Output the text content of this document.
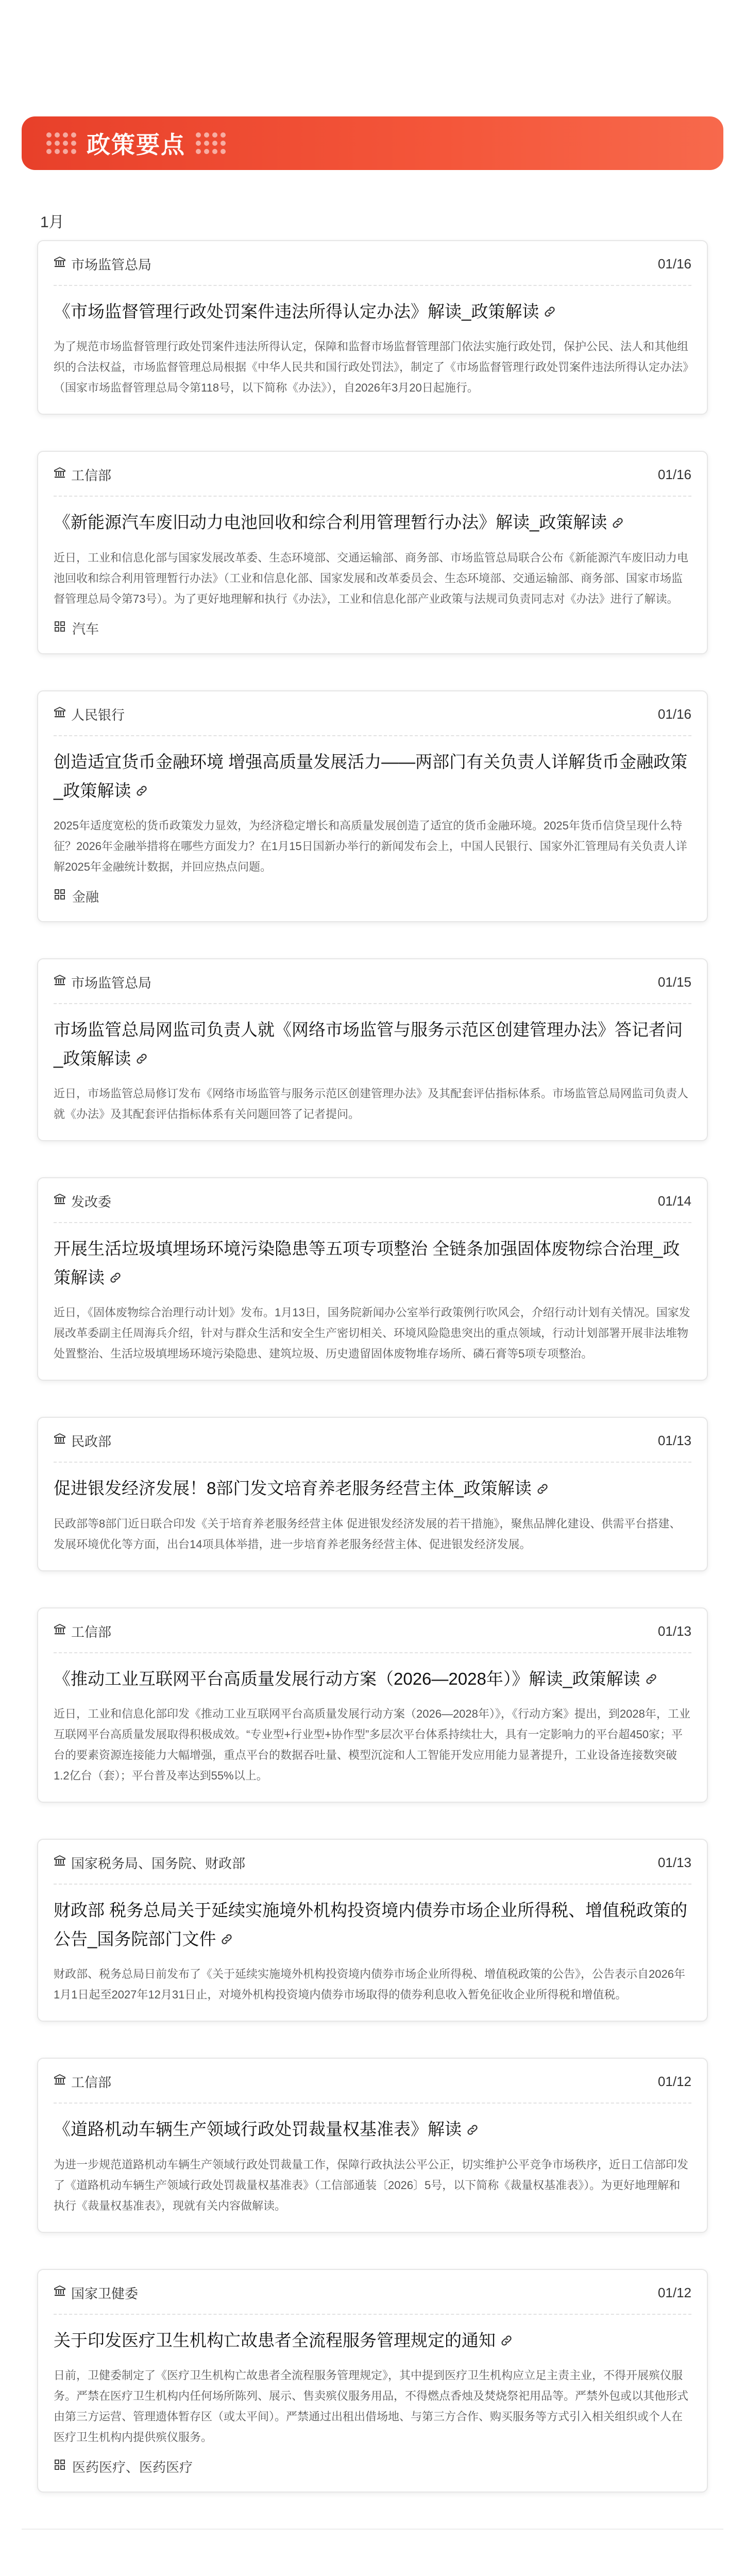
政策要点
1月
市场监管总局	01/16
《市场监督管理行政处罚案件违法所得认定办法》解读_政策解读
为了规范市场监督管理行政处罚案件违法所得认定，保障和监督市场监督管理部门依法实施行政处罚，保护公民、法人和其他组织的合法权益，市场监督管理总局根据《中华人民共和国行政处罚法》，制定了《市场监督管理行政处罚案件违法所得认定办法》（国家市场监督管理总局令第118号，以下简称《办法》），自2026年3月20日起施行。
工信部	01/16
《新能源汽车废旧动力电池回收和综合利用管理暂行办法》解读_政策解读
近日，工业和信息化部与国家发展改革委、生态环境部、交通运输部、商务部、市场监管总局联合公布《新能源汽车废旧动力电池回收和综合利用管理暂行办法》（工业和信息化部、国家发展和改革委员会、生态环境部、交通运输部、商务部、国家市场监督管理总局令第73号）。为了更好地理解和执行《办法》，工业和信息化部产业政策与法规司负责同志对《办法》进行了解读。
汽车
人民银行	01/16
创造适宜货币金融环境 增强高质量发展活力——两部门有关负责人详解货币金融政策_政策解读
2025年适度宽松的货币政策发力显效，为经济稳定增长和高质量发展创造了适宜的货币金融环境。2025年货币信贷呈现什么特征？2026年金融举措将在哪些方面发力？在1月15日国新办举行的新闻发布会上，中国人民银行、国家外汇管理局有关负责人详解2025年金融统计数据，并回应热点问题。
金融
市场监管总局	01/15
市场监管总局网监司负责人就《网络市场监管与服务示范区创建管理办法》答记者问_政策解读
近日，市场监管总局修订发布《网络市场监管与服务示范区创建管理办法》及其配套评估指标体系。市场监管总局网监司负责人就《办法》及其配套评估指标体系有关问题回答了记者提问。
发改委	01/14
开展生活垃圾填埋场环境污染隐患等五项专项整治 全链条加强固体废物综合治理_政策解读
近日，《固体废物综合治理行动计划》发布。1月13日，国务院新闻办公室举行政策例行吹风会，介绍行动计划有关情况。国家发展改革委副主任周海兵介绍，针对与群众生活和安全生产密切相关、环境风险隐患突出的重点领域，行动计划部署开展非法堆物处置整治、生活垃圾填埋场环境污染隐患、建筑垃圾、历史遗留固体废物堆存场所、磷石膏等5项专项整治。
民政部	01/13
促进银发经济发展！8部门发文培育养老服务经营主体_政策解读
民政部等8部门近日联合印发《关于培育养老服务经营主体 促进银发经济发展的若干措施》，聚焦品牌化建设、供需平台搭建、发展环境优化等方面，出台14项具体举措，进一步培育养老服务经营主体、促进银发经济发展。
工信部	01/13
《推动工业互联网平台高质量发展行动方案（2026—2028年）》解读_政策解读
近日，工业和信息化部印发《推动工业互联网平台高质量发展行动方案（2026—2028年）》，《行动方案》提出，到2028年，工业互联网平台高质量发展取得积极成效。“专业型+行业型+协作型”多层次平台体系持续壮大，具有一定影响力的平台超450家；平台的要素资源连接能力大幅增强，重点平台的数据吞吐量、模型沉淀和人工智能开发应用能力显著提升，工业设备连接数突破1.2亿台（套）；平台普及率达到55%以上。
国家税务局、国务院、财政部	01/13
财政部 税务总局关于延续实施境外机构投资境内债券市场企业所得税、增值税政策的公告_国务院部门文件
财政部、税务总局日前发布了《关于延续实施境外机构投资境内债券市场企业所得税、增值税政策的公告》，公告表示自2026年1月1日起至2027年12月31日止，对境外机构投资境内债券市场取得的债券利息收入暂免征收企业所得税和增值税。
工信部	01/12
《道路机动车辆生产领域行政处罚裁量权基准表》解读
为进一步规范道路机动车辆生产领域行政处罚裁量工作，保障行政执法公平公正，切实维护公平竞争市场秩序，近日工信部印发了《道路机动车辆生产领域行政处罚裁量权基准表》（工信部通装〔2026〕5号，以下简称《裁量权基准表》）。为更好地理解和执行《裁量权基准表》，现就有关内容做解读。
国家卫健委	01/12
关于印发医疗卫生机构亡故患者全流程服务管理规定的通知
日前，卫健委制定了《医疗卫生机构亡故患者全流程服务管理规定》，其中提到医疗卫生机构应立足主责主业，不得开展殡仪服务。严禁在医疗卫生机构内任何场所陈列、展示、售卖殡仪服务用品，不得燃点香烛及焚烧祭祀用品等。严禁外包或以其他形式由第三方运营、管理遗体暂存区（或太平间）。严禁通过出租出借场地、与第三方合作、购买服务等方式引入相关组织或个人在医疗卫生机构内提供殡仪服务。
医药医疗、医药医疗
